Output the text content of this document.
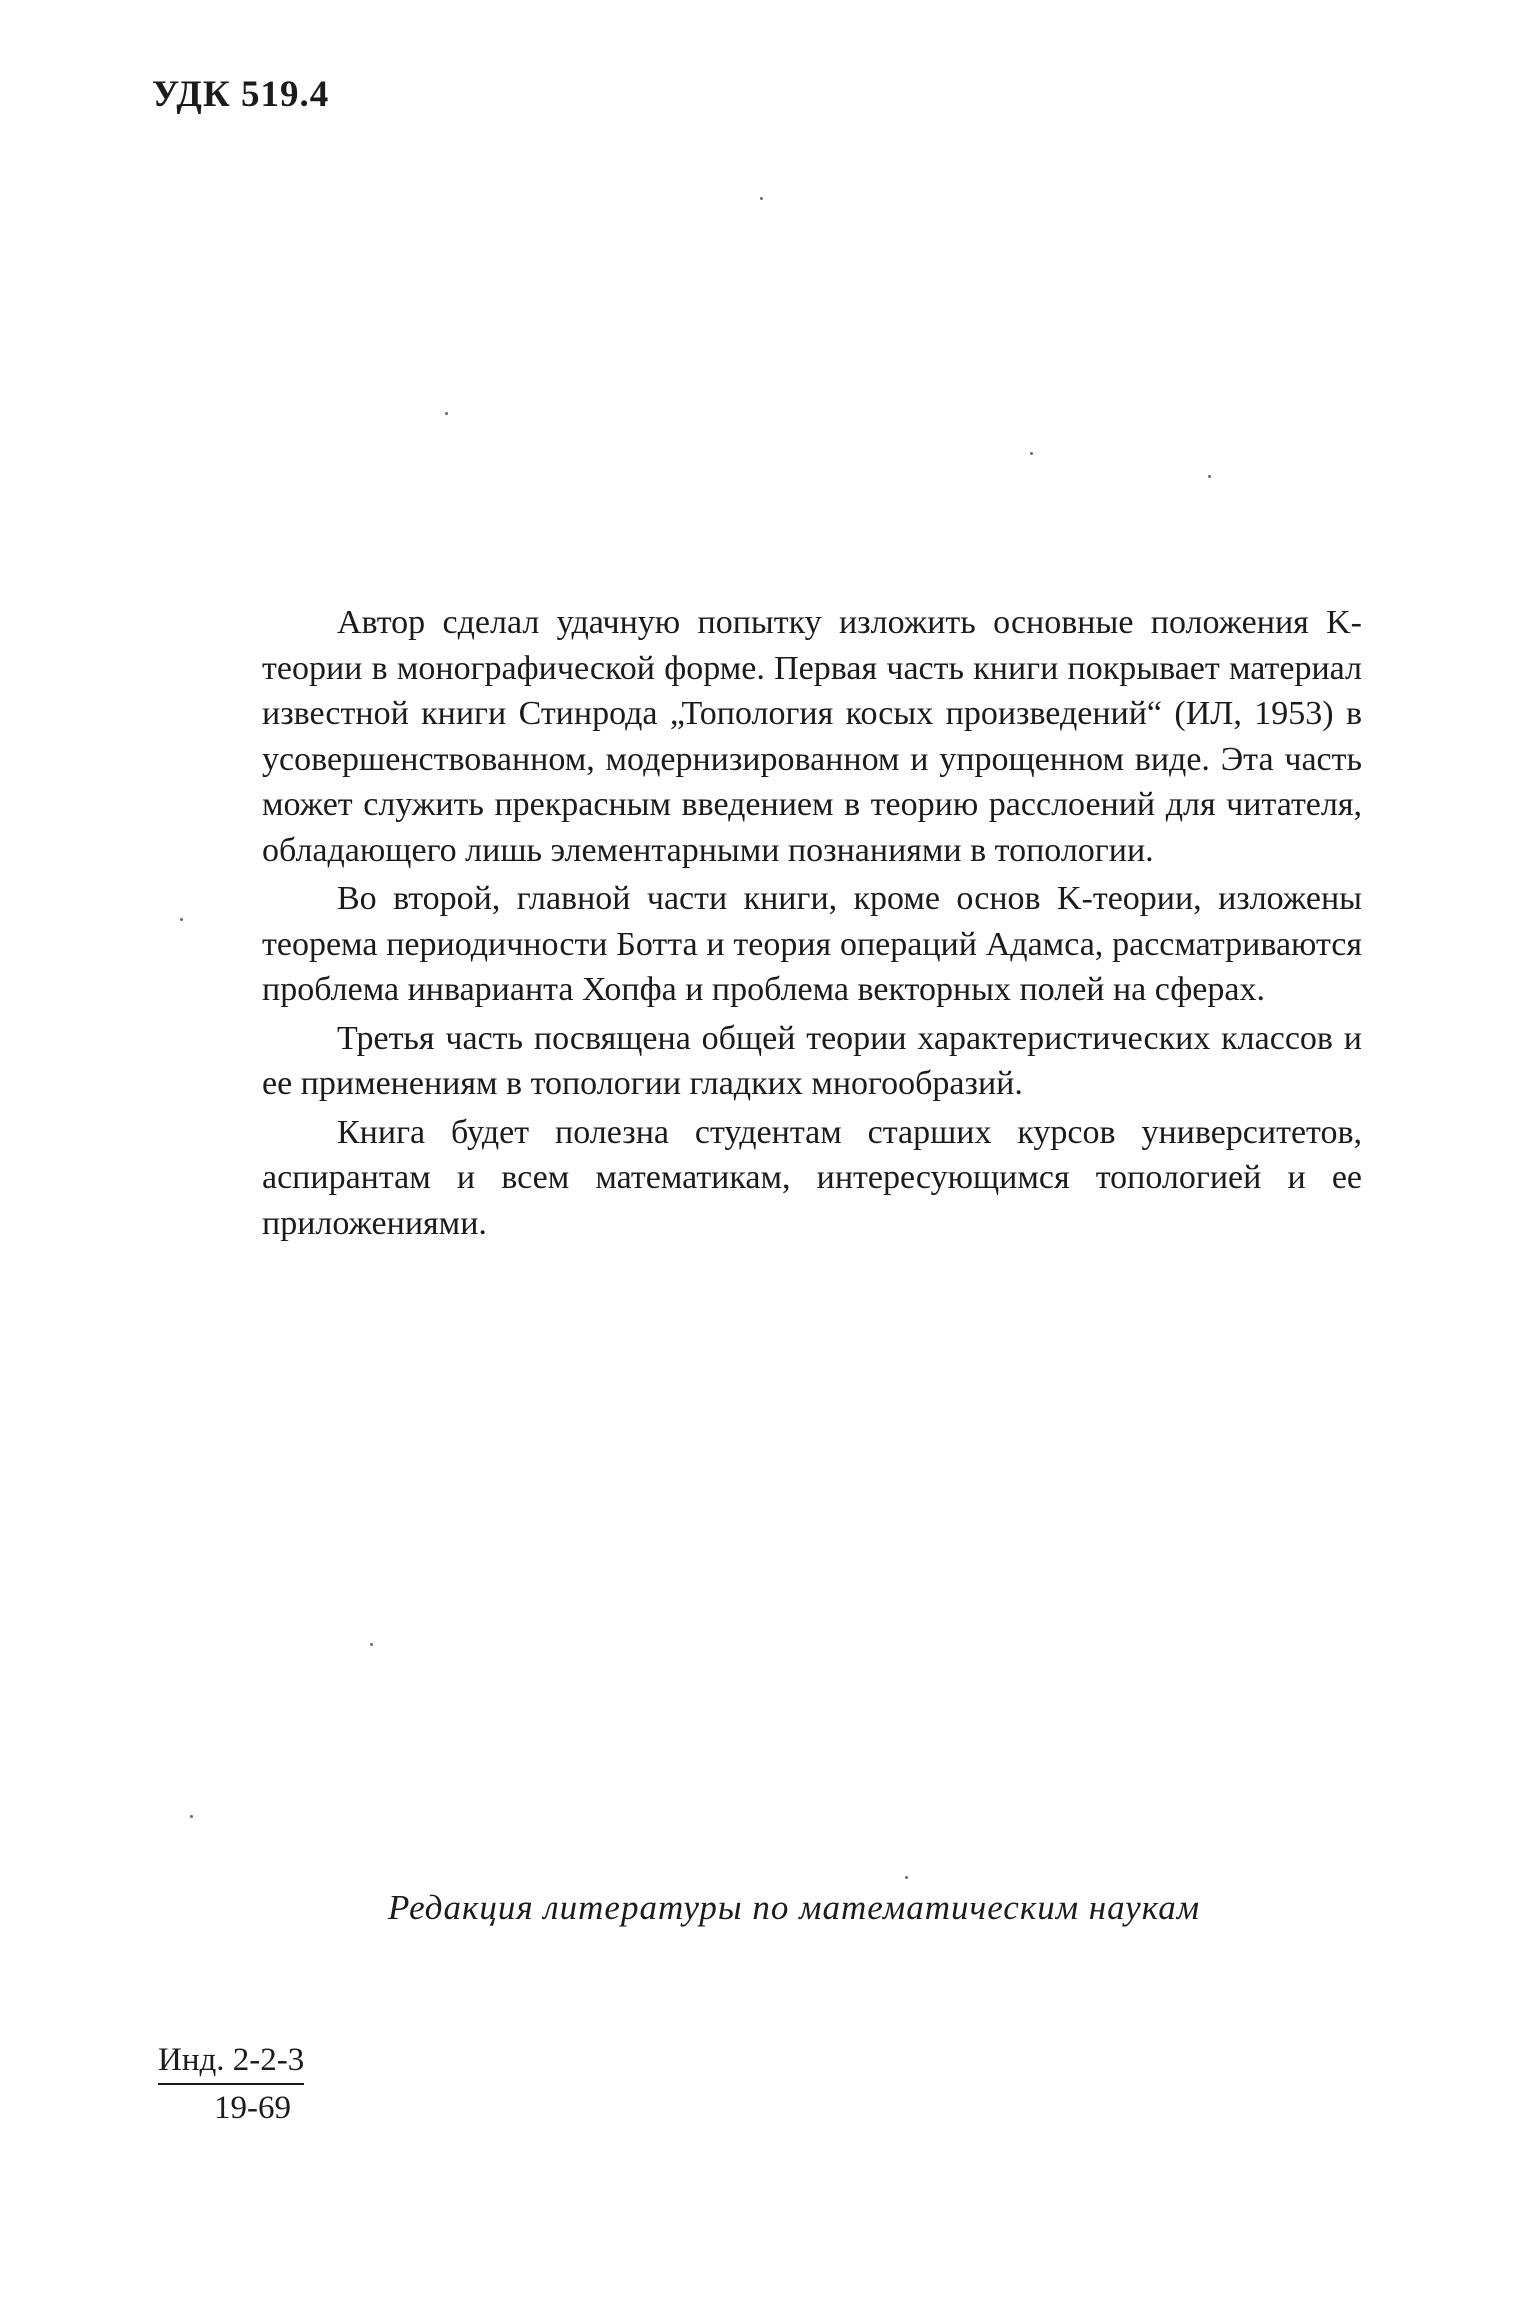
УДК 519.4

Автор сделал удачную попытку изложить основные положения K-теории в монографической форме. Первая часть книги покрывает материал известной книги Стинрода „Топология косых произведений“ (ИЛ, 1953) в усовершенствованном, модернизированном и упрощенном виде. Эта часть может служить прекрасным введением в теорию расслоений для читателя, обладающего лишь элементарными познаниями в топологии.

Во второй, главной части книги, кроме основ K-теории, изложены теорема периодичности Ботта и теория операций Адамса, рассматриваются проблема инварианта Хопфа и проблема векторных полей на сферах.

Третья часть посвящена общей теории характеристических классов и ее применениям в топологии гладких многообразий.

Книга будет полезна студентам старших курсов университетов, аспирантам и всем математикам, интересующимся топологией и ее приложениями.

Редакция литературы по математическим наукам
Инд. 2-2-3
19-69
